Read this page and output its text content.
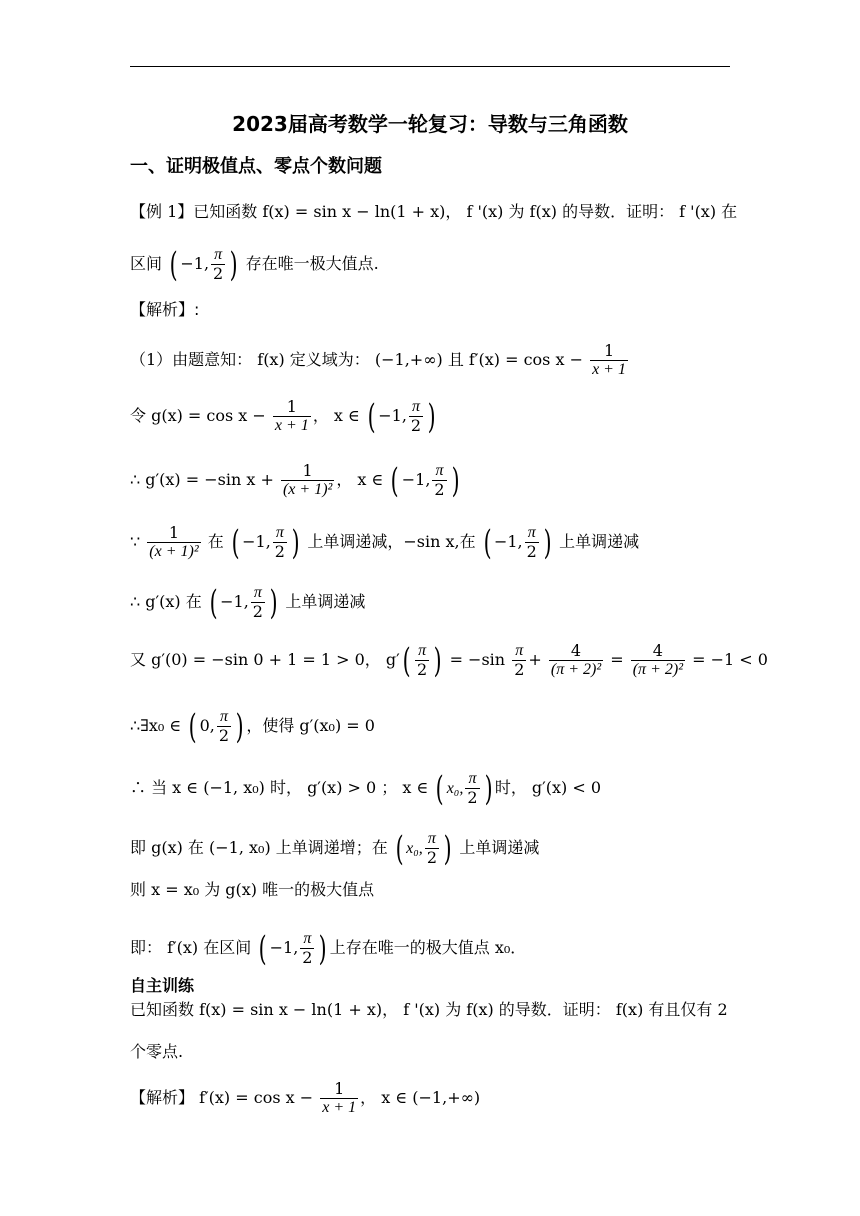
2023届高考数学一轮复习：导数与三角函数
一、证明极值点、零点个数问题
【例 1】已知函数 f(x) = sin x − ln(1 + x)， f '(x) 为 f(x) 的导数．证明： f '(x) 在
区间 ( −1, $\frac{\pi}{2}$ ) 存在唯一极大值点.
【解析】:
（1）由题意知： f(x) 定义域为： (−1,+∞) 且 $f'(x) = \cos x - \frac{1}{x + 1}$
令 $g(x) = \cos x - \frac{1}{x + 1}$ ， x ∈ ( −1, $\frac{\pi}{2}$ )
∴ g′(x) = −sin $x + \frac{1}{\text{(x + 1)²}}$ ， x ∈ ( −1, $\frac{\pi}{2}$ )
∵ $\frac{1}{\text{(x + 1)²}}$ 在 ( −1, $\frac{\pi}{2}$ ) 上单调递减，−sin x,在 ( −1, $\frac{\pi}{2}$ ) 上单调递减
∴ g′(x) 在 ( −1, $\frac{\pi}{2}$ ) 上单调递减
又 g′(0) = −sin 0 + 1 = 1 > 0， $g'( \frac{\pi}{2}$ ) = $-\sin \frac{\pi}{2} + \frac{4}{\text{(π + 2)²}} = \frac{4}{\text{(π + 2)²}} = -1 < 0$
∴∃x₀ ∈ ( 0, $\frac{\pi}{2}$ ) ，使得 g′(x₀) = 0
∴ 当 x ∈ (−1, x₀) 时， g′(x) > 0 ； x ∈ ( x₀, $\frac{\pi}{2}$ ) 时， g′(x) < 0
即 g(x) 在 (−1, x₀) 上单调递增；在 ( x₀, $\frac{\pi}{2}$ ) 上单调递减
则 x = x₀ 为 g(x) 唯一的极大值点
即： f′(x) 在区间 ( −1, $\frac{\pi}{2}$ ) 上存在唯一的极大值点 x₀．
自主训练
已知函数 f(x) = sin x − ln(1 + x)， f '(x) 为 f(x) 的导数．证明： f(x) 有且仅有 2
个零点.
【解析】 $f'(x) = \cos x - \frac{1}{x + 1}$ ， x ∈ (−1,+∞)
